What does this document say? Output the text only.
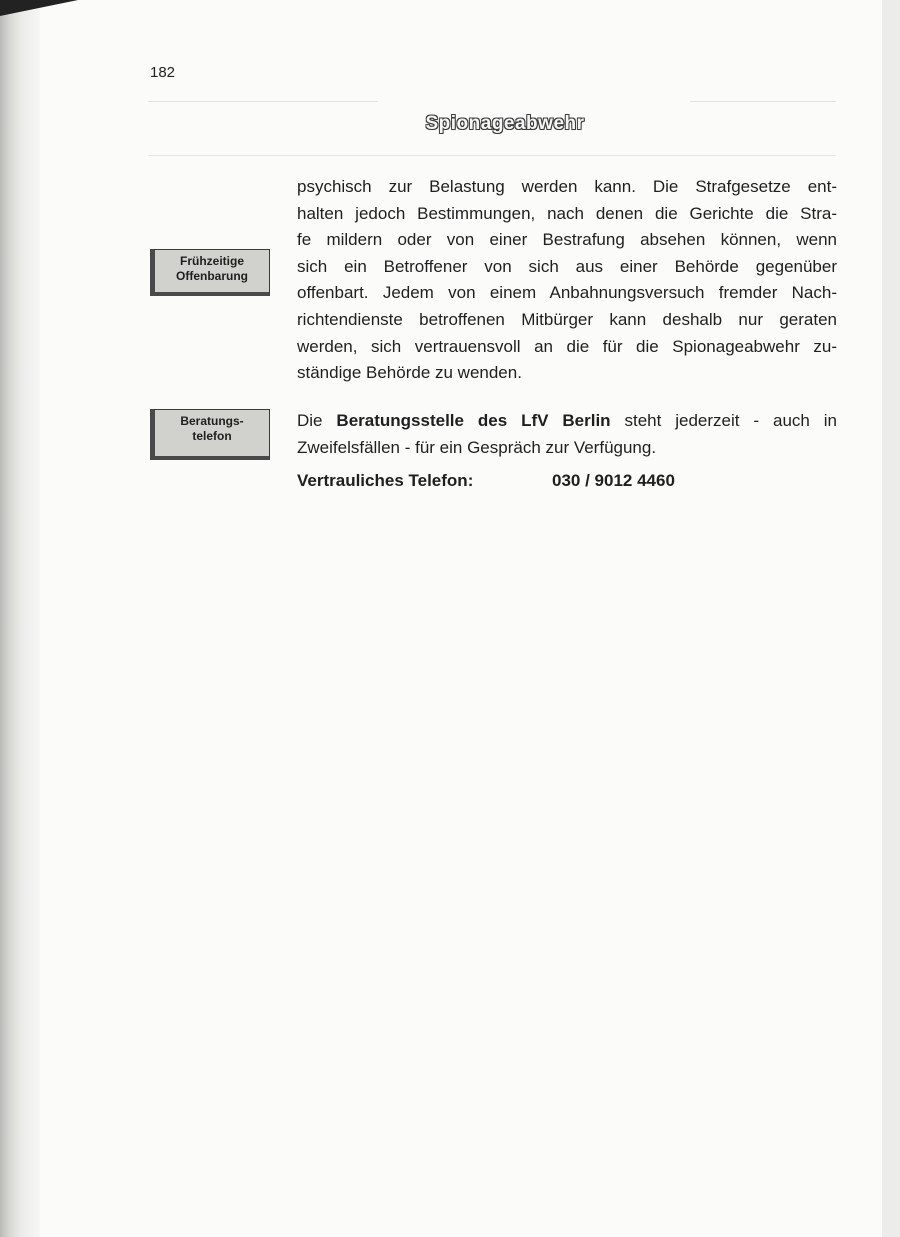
182
Spionageabwehr
Frühzeitige
Offenbarung
Beratungs-
telefon
psychisch zur Belastung werden kann. Die Strafgesetze ent-
halten jedoch Bestimmungen, nach denen die Gerichte die Stra-
fe mildern oder von einer Bestrafung absehen können, wenn
sich ein Betroffener von sich aus einer Behörde gegenüber
offenbart. Jedem von einem Anbahnungsversuch fremder Nach-
richtendienste betroffenen Mitbürger kann deshalb nur geraten
werden, sich vertrauensvoll an die für die Spionageabwehr zu-
ständige Behörde zu wenden.
Die Beratungsstelle des LfV Berlin steht jederzeit - auch in
Zweifelsfällen - für ein Gespräch zur Verfügung.
Vertrauliches Telefon:	030 / 9012 4460
